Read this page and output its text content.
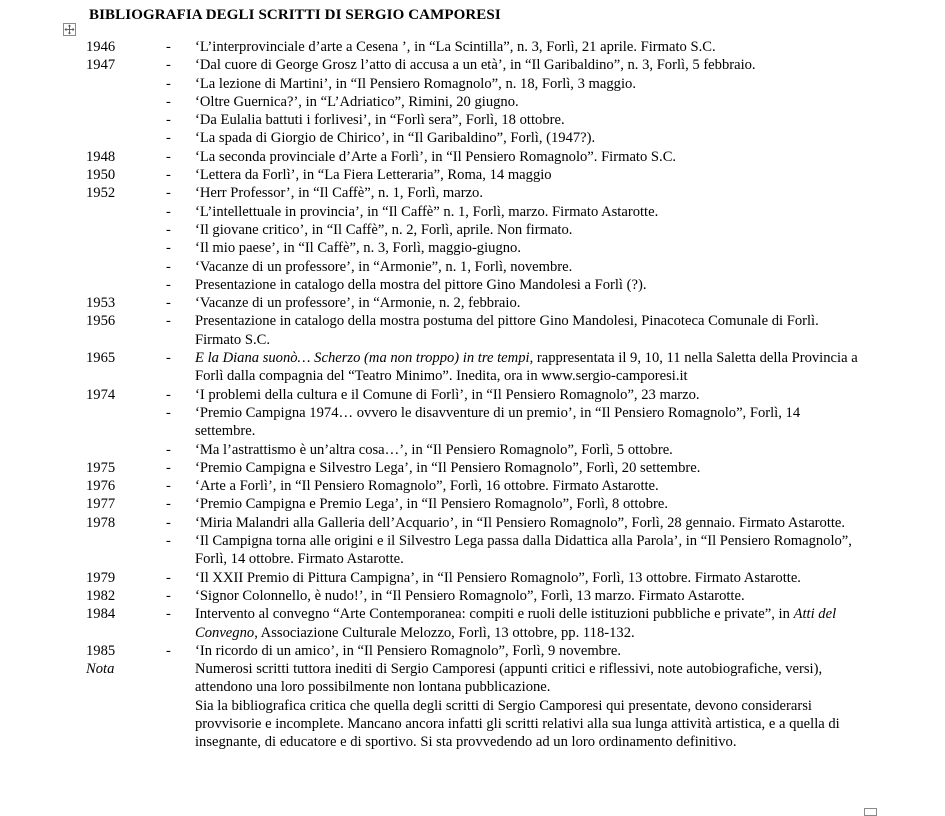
BIBLIOGRAFIA DEGLI SCRITTI DI SERGIO CAMPORESI
1946	-	‘L’interprovinciale d’arte a Cesena ’, in “La Scintilla”, n. 3, Forlì, 21 aprile. Firmato S.C.
1947	-	‘Dal cuore di George Grosz l’atto di accusa a un età’, in “Il Garibaldino”, n. 3, Forlì, 5 febbraio.
	-	‘La lezione di Martini’, in “Il Pensiero Romagnolo”, n. 18, Forlì, 3 maggio.
	-	‘Oltre Guernica?’, in “L’Adriatico”, Rimini, 20 giugno.
	-	‘Da Eulalia battuti i forlivesi’, in “Forlì sera”, Forlì, 18 ottobre.
	-	‘La spada di Giorgio de Chirico’, in “Il Garibaldino”, Forlì, (1947?).
1948	-	‘La seconda provinciale d’Arte a Forlì’, in “Il Pensiero Romagnolo”. Firmato S.C.
1950	-	‘Lettera da Forlì’, in “La Fiera Letteraria”, Roma, 14 maggio
1952	-	‘Herr Professor’, in “Il Caffè”, n. 1, Forlì, marzo.
	-	‘L’intellettuale in provincia’, in “Il Caffè” n. 1, Forlì, marzo. Firmato Astarotte.
	-	‘Il giovane critico’, in “Il Caffè”, n. 2, Forlì, aprile. Non firmato.
	-	‘Il mio paese’, in “Il Caffè”, n. 3, Forlì, maggio-giugno.
	-	‘Vacanze di un professore’, in “Armonie”, n. 1, Forlì, novembre.
	-	Presentazione in catalogo della mostra del pittore Gino Mandolesi a Forlì (?).
1953	-	‘Vacanze di un professore’, in “Armonie, n. 2, febbraio.
1956	-	Presentazione in catalogo della mostra postuma del pittore Gino Mandolesi, Pinacoteca Comunale di Forlì. Firmato S.C.
1965	-	E la Diana suonò… Scherzo (ma non troppo) in tre tempi, rappresentata il 9, 10, 11 nella Saletta della Provincia a Forlì dalla compagnia del “Teatro Minimo”. Inedita, ora in www.sergio-camporesi.it
1974	-	‘I problemi della cultura e il Comune di Forlì’, in “Il Pensiero Romagnolo”, 23 marzo.
	-	‘Premio Campigna 1974… ovvero le disavventure di un premio’, in “Il Pensiero Romagnolo”, Forlì, 14 settembre.
	-	‘Ma l’astrattismo è un’altra cosa…’, in “Il Pensiero Romagnolo”, Forlì, 5 ottobre.
1975	-	‘Premio Campigna e Silvestro Lega’, in “Il Pensiero Romagnolo”, Forlì, 20 settembre.
1976	-	‘Arte a Forlì’, in “Il Pensiero Romagnolo”, Forlì, 16 ottobre. Firmato Astarotte.
1977	-	‘Premio Campigna e Premio Lega’, in “Il Pensiero Romagnolo”, Forlì, 8 ottobre.
1978	-	‘Miria Malandri alla Galleria dell’Acquario’, in “Il Pensiero Romagnolo”, Forlì, 28 gennaio. Firmato Astarotte.
	-	‘Il Campigna torna alle origini e il Silvestro Lega passa dalla Didattica alla Parola’, in “Il Pensiero Romagnolo”, Forlì, 14 ottobre. Firmato Astarotte.
1979	-	‘Il XXII Premio di Pittura Campigna’, in “Il Pensiero Romagnolo”, Forlì, 13 ottobre. Firmato Astarotte.
1982	-	‘Signor Colonnello, è nudo!’, in “Il Pensiero Romagnolo”, Forlì, 13 marzo. Firmato Astarotte.
1984	-	Intervento al convegno “Arte Contemporanea: compiti e ruoli delle istituzioni pubbliche e private”, in Atti del Convegno, Associazione Culturale Melozzo, Forlì, 13 ottobre, pp. 118-132.
1985	-	‘In ricordo di un amico’, in “Il Pensiero Romagnolo”, Forlì, 9 novembre.
Nota		Numerosi scritti tuttora inediti di Sergio Camporesi (appunti critici e riflessivi, note autobiografiche, versi), attendono una loro possibilmente non lontana pubblicazione.
Sia la bibliografica critica che quella degli scritti di Sergio Camporesi qui presentate, devono considerarsi provvisorie e incomplete. Mancano ancora infatti gli scritti relativi alla sua lunga attività artistica, e a quella di insegnante, di educatore e di sportivo. Si sta provvedendo ad un loro ordinamento definitivo.
